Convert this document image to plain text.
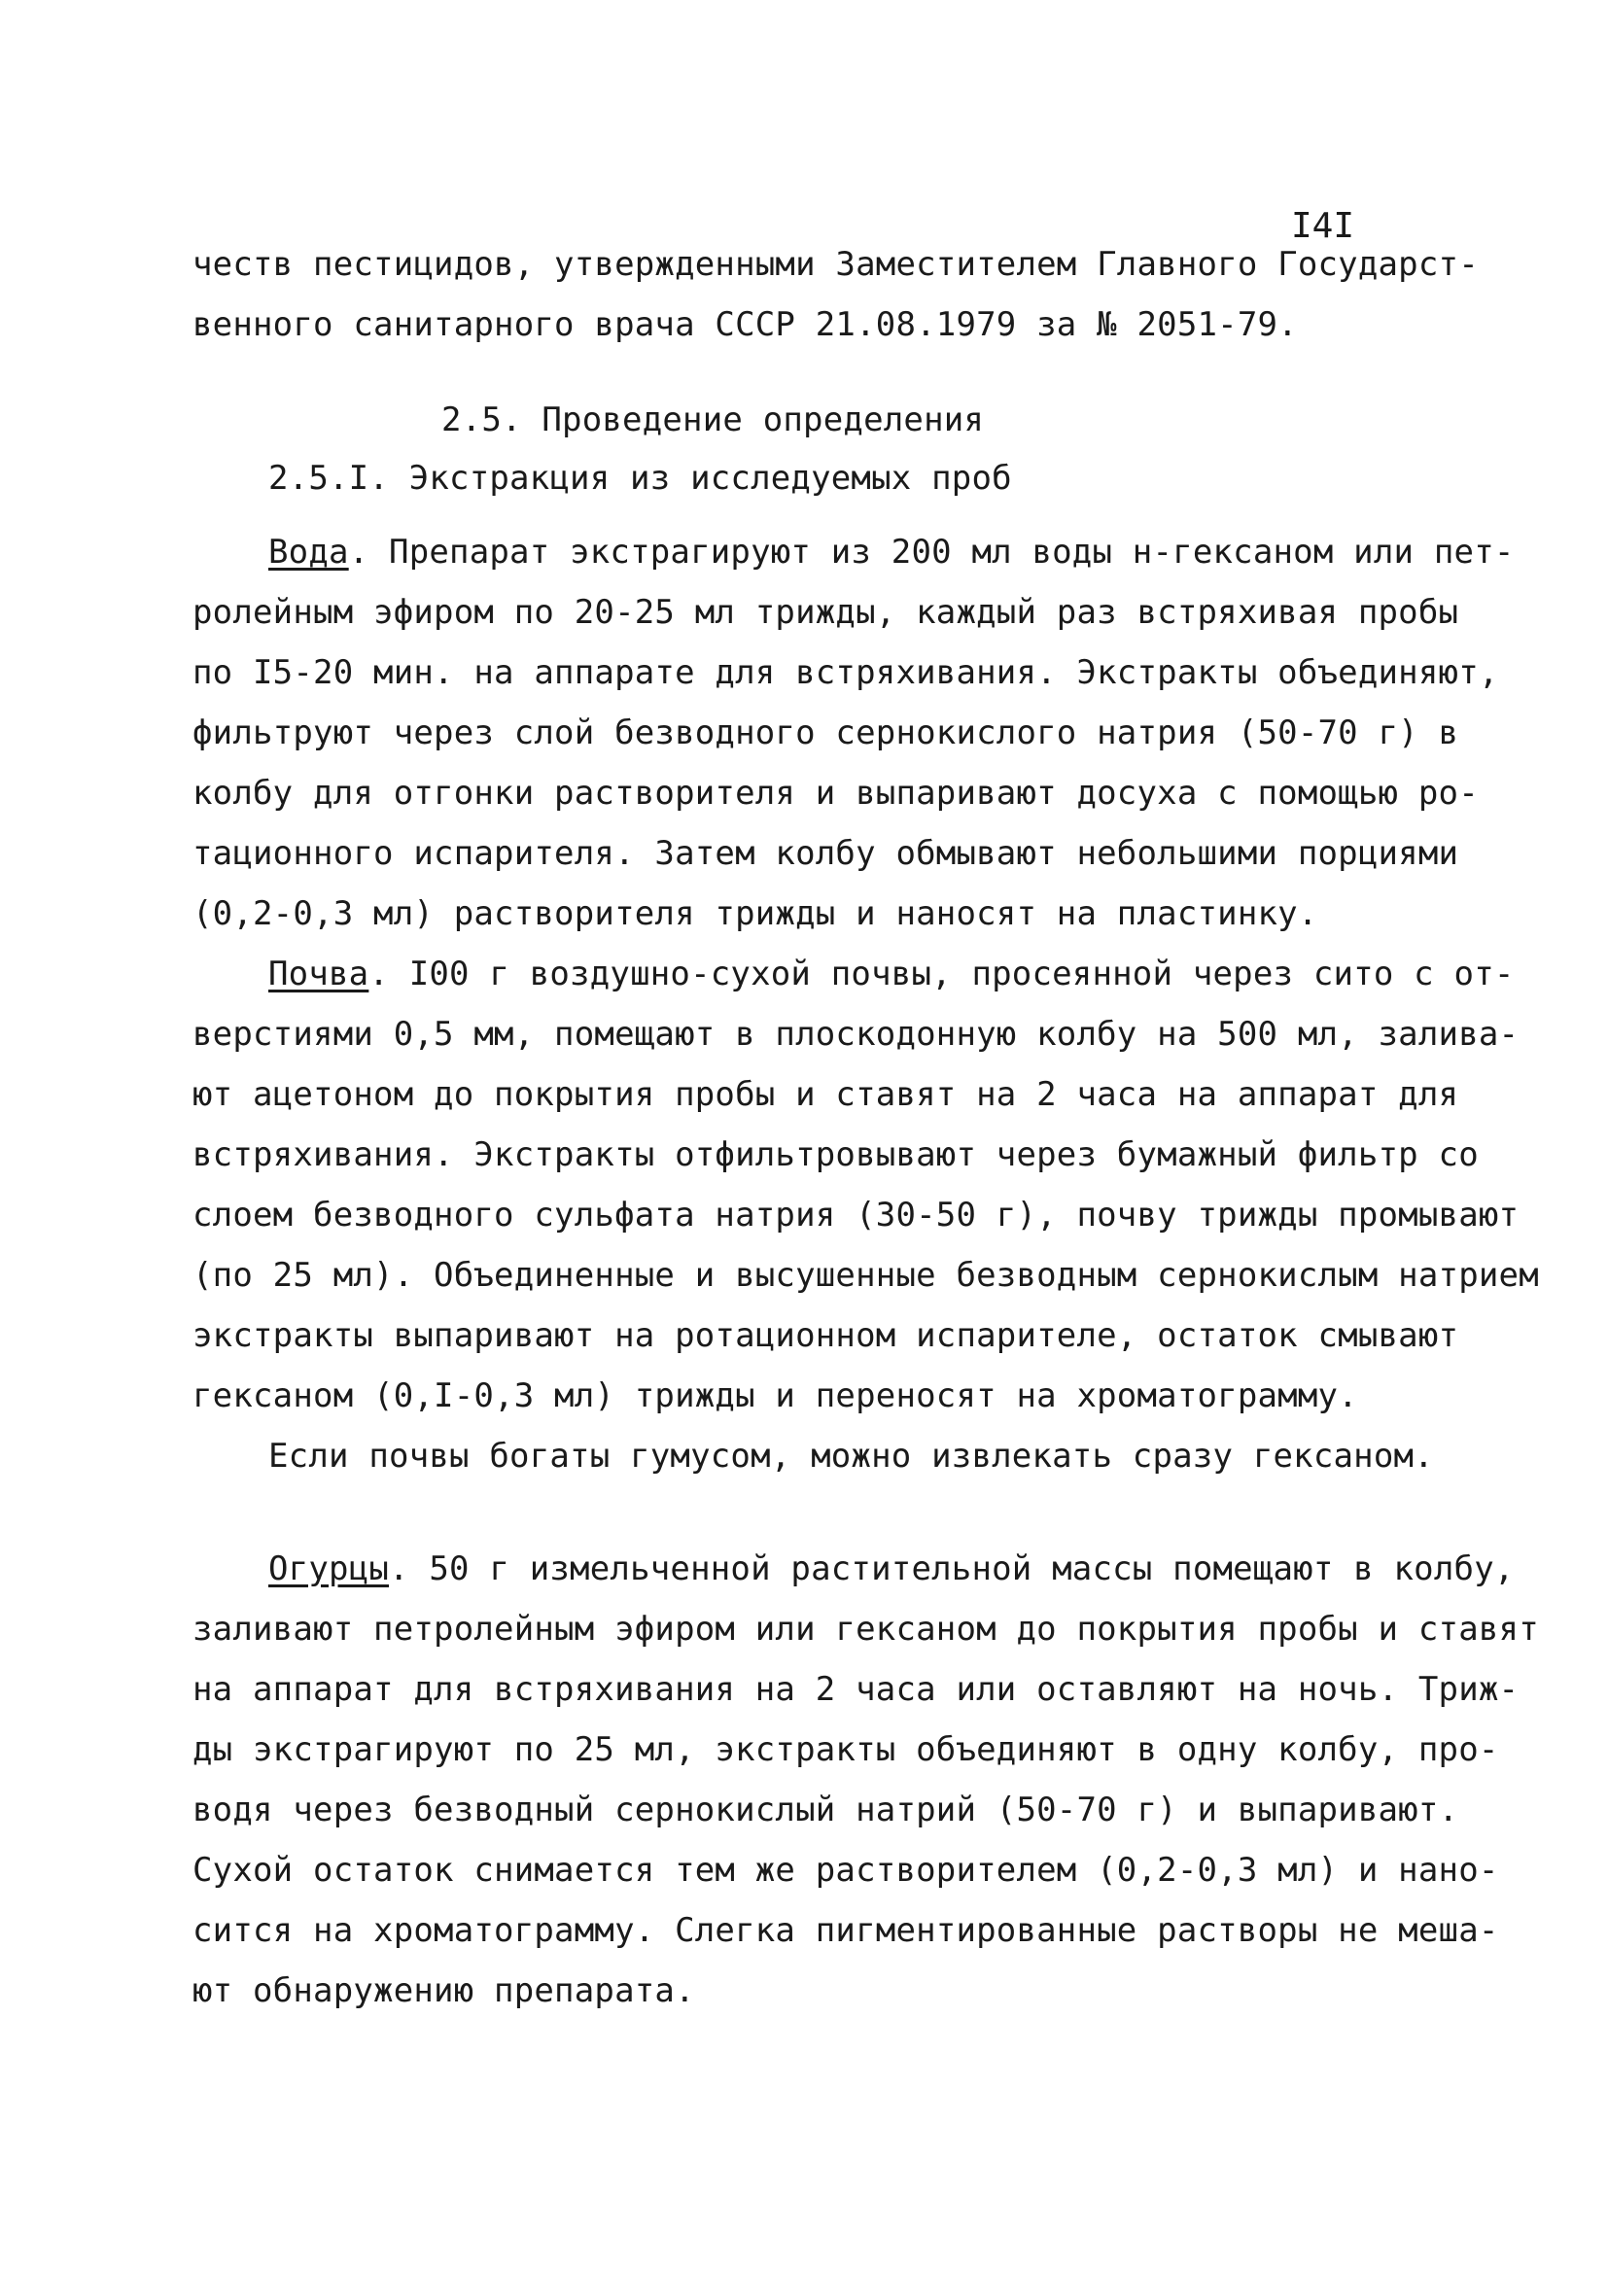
I4I
честв пестицидов, утвержденными Заместителем Главного Государст-
венного санитарного врача СССР 21.08.1979 за № 2051-79.
2.5. Проведение определения
2.5.I. Экстракция из исследуемых проб
Вода. Препарат экстрагируют из 200 мл воды н-гексаном или пет-
ролейным эфиром по 20-25 мл трижды, каждый раз встряхивая пробы
по I5-20 мин. на аппарате для встряхивания. Экстракты объединяют,
фильтруют через слой безводного сернокислого натрия (50-70 г) в
колбу для отгонки растворителя и выпаривают досуха с помощью ро-
тационного испарителя. Затем колбу обмывают небольшими порциями
(0,2-0,3 мл) растворителя трижды и наносят на пластинку.
Почва. I00 г воздушно-сухой почвы, просеянной через сито с от-
верстиями 0,5 мм, помещают в плоскодонную колбу на 500 мл, залива-
ют ацетоном до покрытия пробы и ставят на 2 часа на аппарат для
встряхивания. Экстракты отфильтровывают через бумажный фильтр со
слоем безводного сульфата натрия (30-50 г), почву трижды промывают
(по 25 мл). Объединенные и высушенные безводным сернокислым натрием
экстракты выпаривают на ротационном испарителе, остаток смывают
гексаном (0,I-0,3 мл) трижды и переносят на хроматограмму.
Если почвы богаты гумусом, можно извлекать сразу гексаном.
Огурцы. 50 г измельченной растительной массы помещают в колбу,
заливают петролейным эфиром или гексаном до покрытия пробы и ставят
на аппарат для встряхивания на 2 часа или оставляют на ночь. Триж-
ды экстрагируют по 25 мл, экстракты объединяют в одну колбу, про-
водя через безводный сернокислый натрий (50-70 г) и выпаривают.
Сухой остаток снимается тем же растворителем (0,2-0,3 мл) и нано-
сится на хроматограмму. Слегка пигментированные растворы не меша-
ют обнаружению препарата.
